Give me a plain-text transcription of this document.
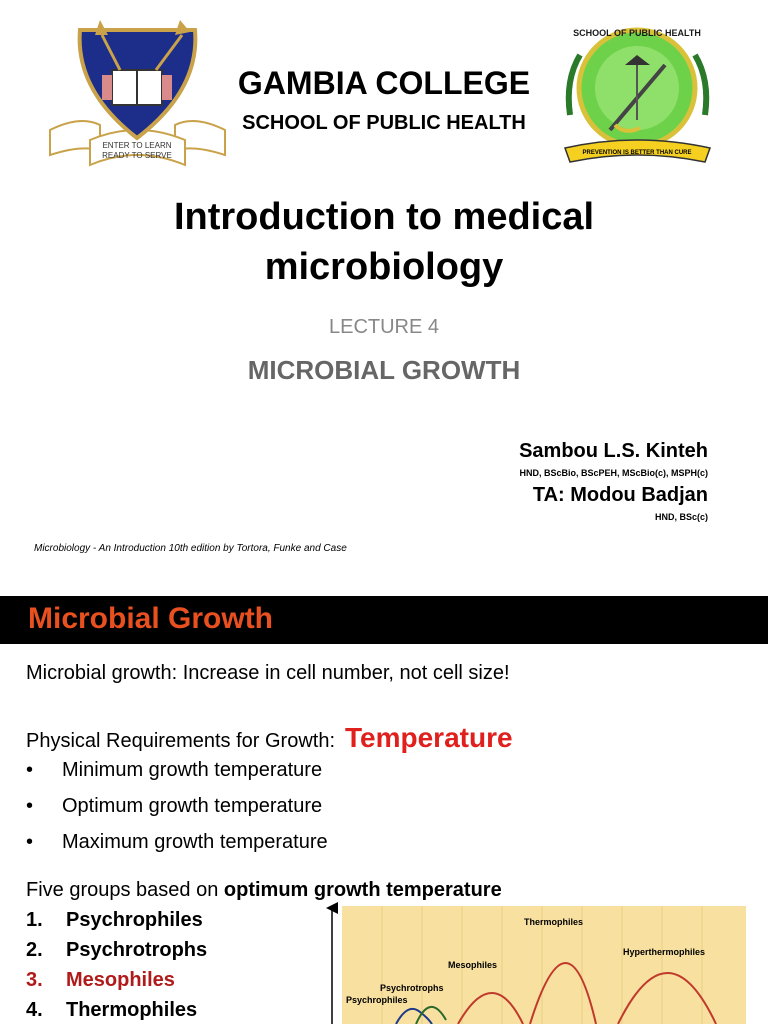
ENTER TO LEARN
READY TO SERVE
SCHOOL OF PUBLIC HEALTH
PREVENTION IS BETTER THAN CURE
GAMBIA COLLEGE
SCHOOL OF PUBLIC HEALTH
Introduction to medical
microbiology
LECTURE 4
MICROBIAL GROWTH
Sambou L.S. Kinteh
HND, BScBio, BScPEH, MScBio(c), MSPH(c)
TA: Modou Badjan
HND, BSc(c)
Microbiology - An Introduction 10th edition by Tortora, Funke and Case
Microbial Growth
Microbial growth: Increase in cell number, not cell size!
Physical Requirements for Growth: Temperature
• Minimum growth temperature
• Optimum growth temperature
• Maximum growth temperature
Five groups based on optimum growth temperature
1. Psychrophiles
2. Psychrotrophs
3. Mesophiles
4. Thermophiles	Psychrophiles
Psychrotrophs
Mesophiles
Thermophiles
Hyperthermophiles
